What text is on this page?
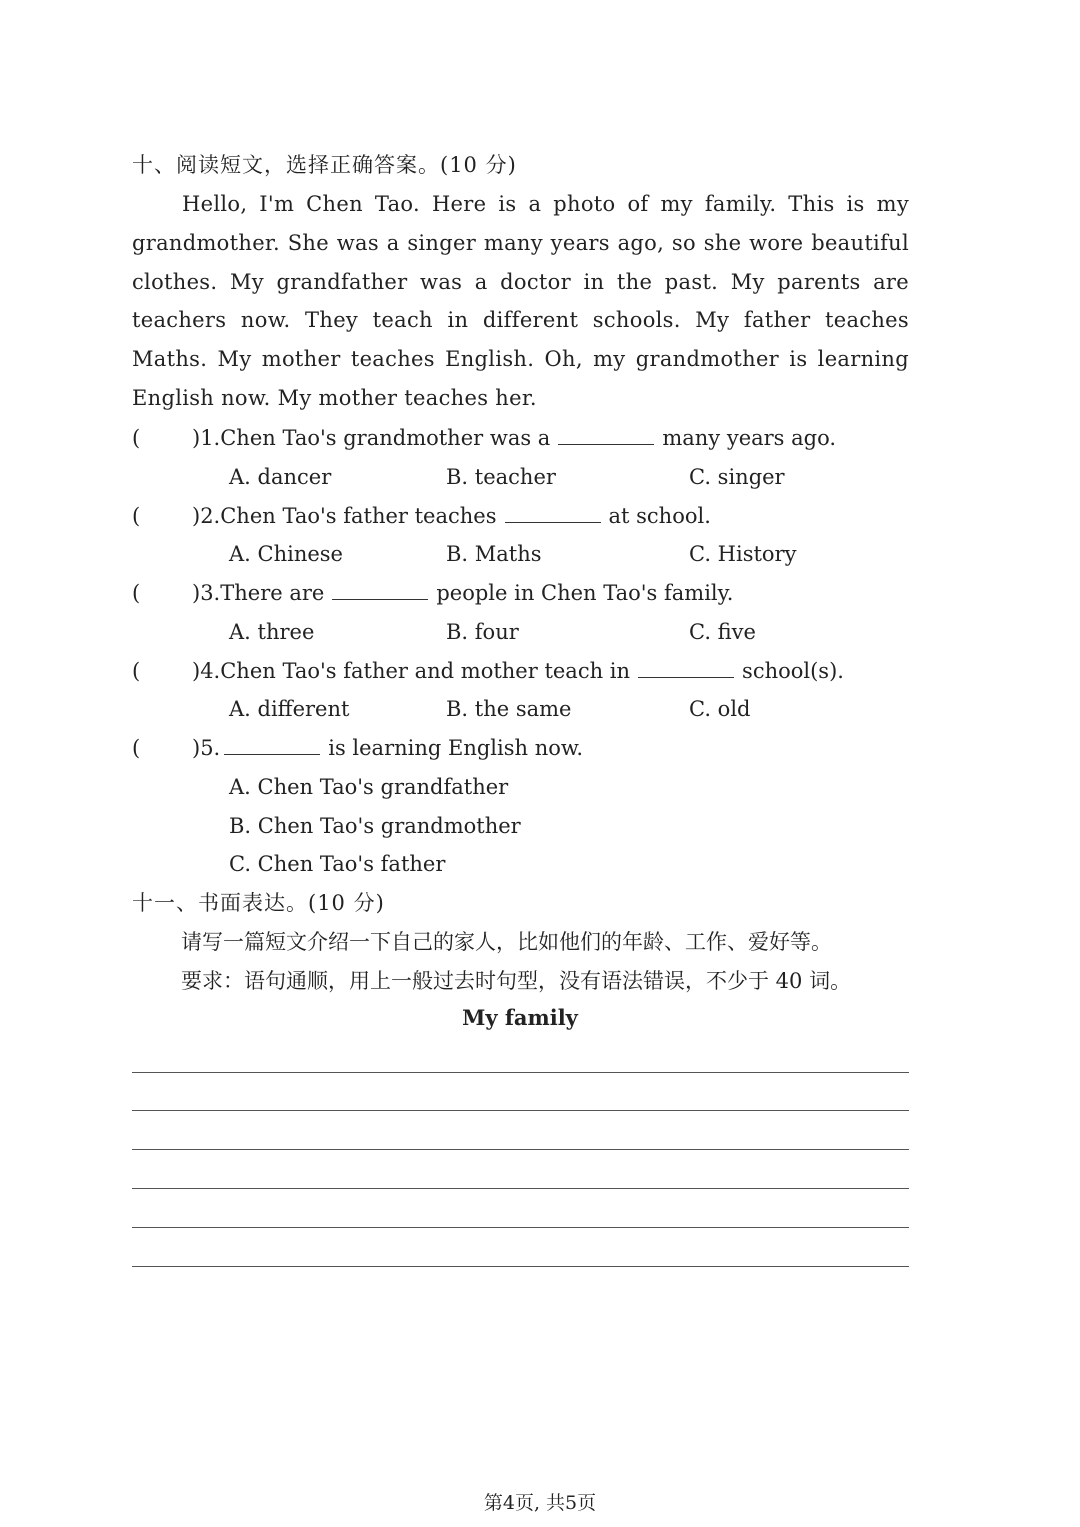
十、阅读短文，选择正确答案。(10 分)

Hello, I'm Chen Tao. Here is a photo of my family. This is my grandmother. She was a singer many years ago, so she wore beautiful clothes. My grandfather was a doctor in the past. My parents are teachers now. They teach in different schools. My father teaches Maths. My mother teaches English. Oh, my grandmother is learning English now. My mother teaches her.

( )1.Chen Tao's grandmother was a	many years ago.
A. dancer	B. teacher	C. singer
( )2.Chen Tao's father teaches	at school.
A. Chinese	B. Maths	C. History
( )3.There are	people in Chen Tao's family.
A. three	B. four	C. five
( )4.Chen Tao's father and mother teach in	school(s).
A. different	B. the same	C. old
( )5.	is learning English now.
A. Chen Tao's grandfather
B. Chen Tao's grandmother
C. Chen Tao's father
十一、书面表达。(10 分)
请写一篇短文介绍一下自己的家人，比如他们的年龄、工作、爱好等。
要求：语句通顺，用上一般过去时句型，没有语法错误，不少于 40 词。
My family
第4页, 共5页
